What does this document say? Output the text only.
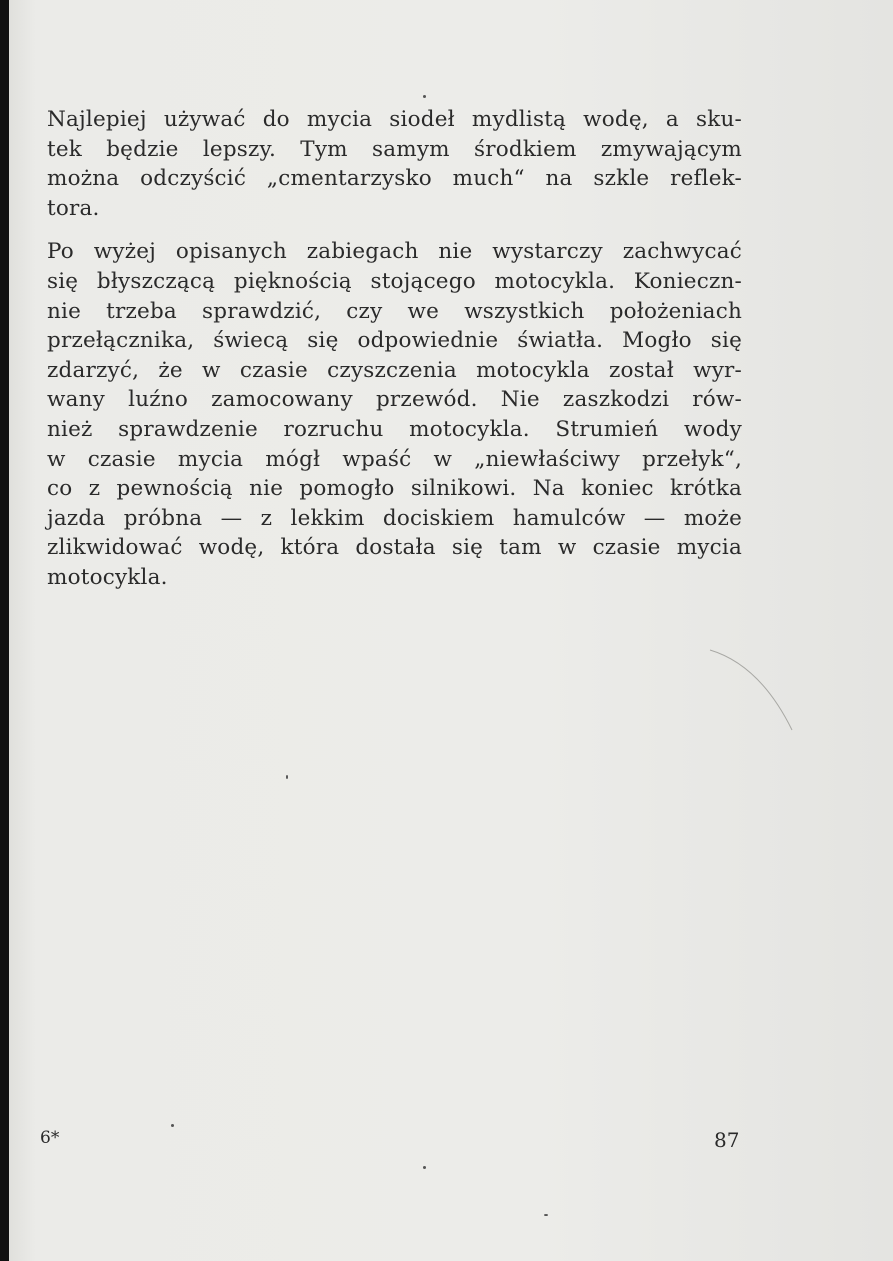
Najlepiej używać do mycia siodeł mydlistą wodę, a sku-
tek będzie lepszy. Tym samym środkiem zmywającym
można odczyścić „cmentarzysko much“ na szkle reflek-
tora.

Po wyżej opisanych zabiegach nie wystarczy zachwycać
się błyszczącą pięknością stojącego motocykla. Konieczn-
nie trzeba sprawdzić, czy we wszystkich położeniach
przełącznika, świecą się odpowiednie światła. Mogło się
zdarzyć, że w czasie czyszczenia motocykla został wyr-
wany luźno zamocowany przewód. Nie zaszkodzi rów-
nież sprawdzenie rozruchu motocykla. Strumień wody
w czasie mycia mógł wpaść w „niewłaściwy przełyk“,
co z pewnością nie pomogło silnikowi. Na koniec krótka
jazda próbna — z lekkim dociskiem hamulców — może
zlikwidować wodę, która dostała się tam w czasie mycia
motocykla.

6*	87
